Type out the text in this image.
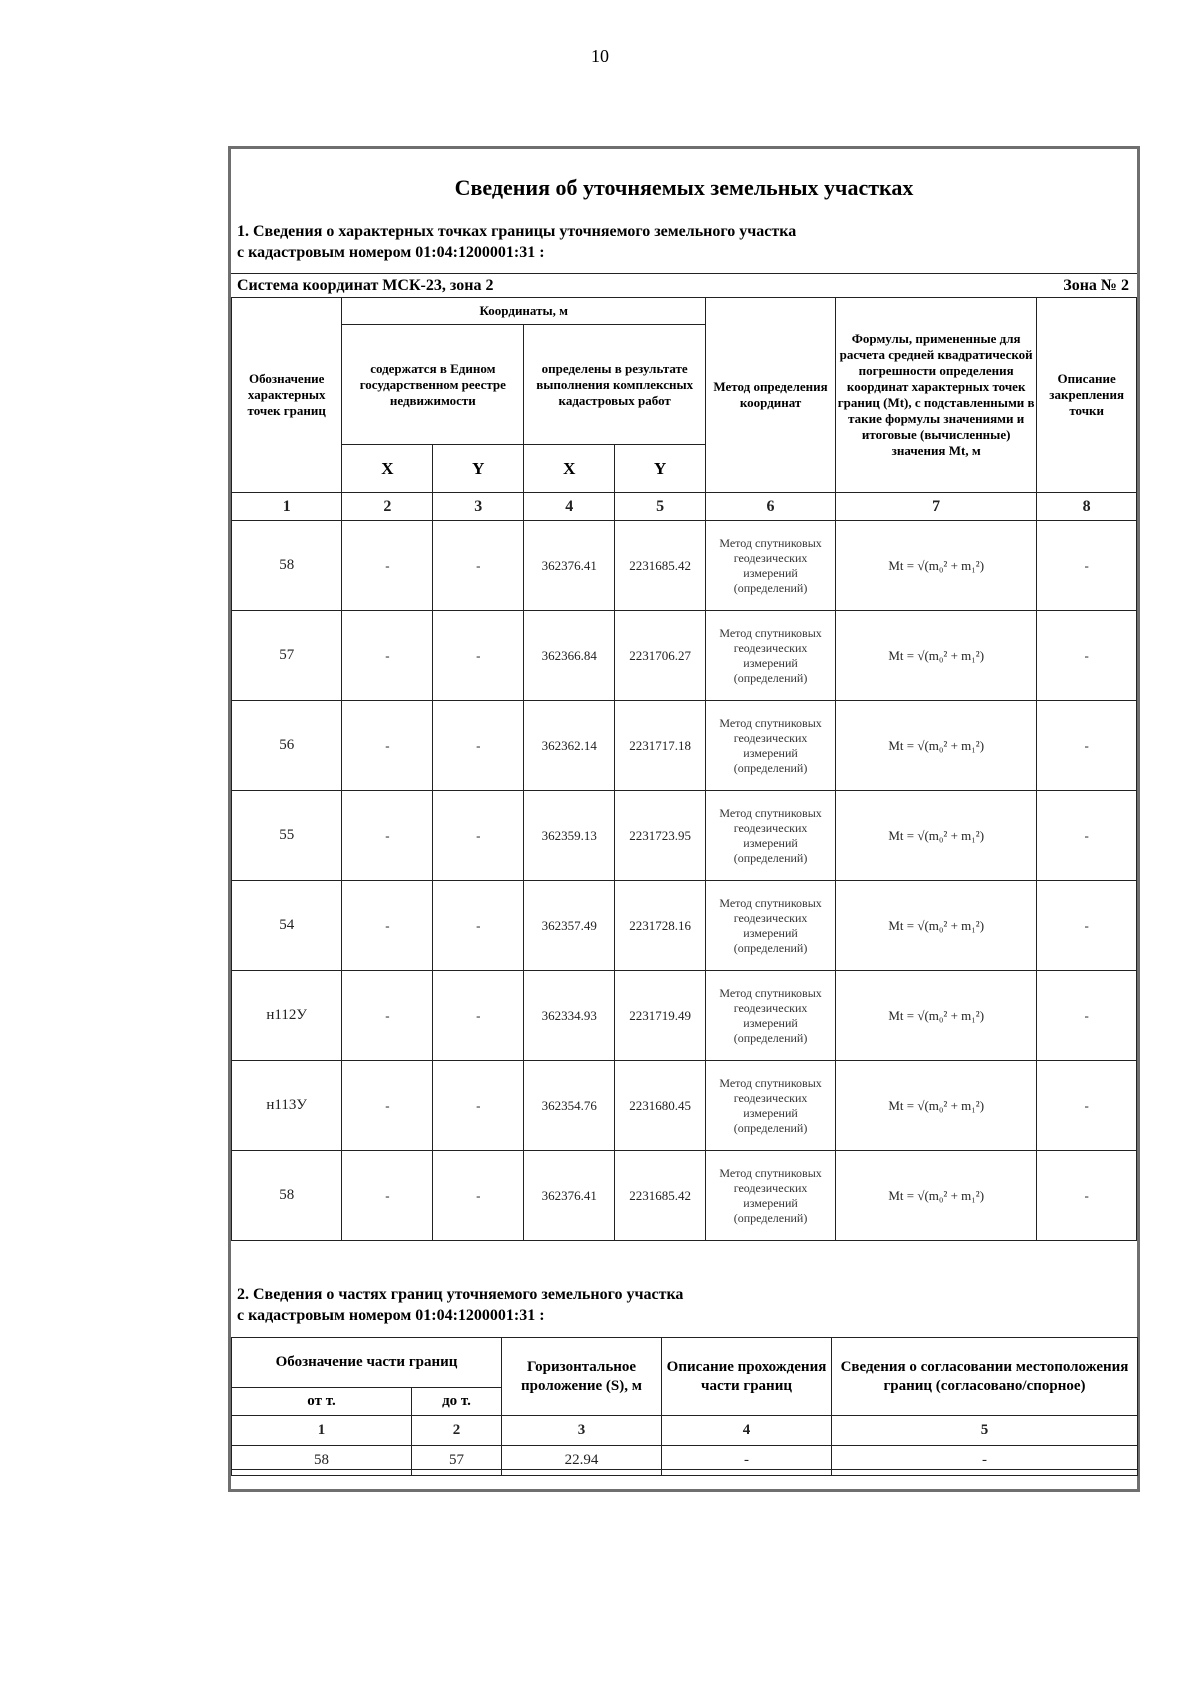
10
Сведения об уточняемых земельных участках
1. Сведения о характерных точках границы уточняемого земельного участка
с кадастровым номером 01:04:1200001:31 :
Система координат МСК-23, зона 2	Зона № 2
Обозначение характерных точек границ	Координаты, м				Метод определения координат	Формулы, примененные для расчета средней квадратической погрешности определения координат характерных точек границ (Mt), с подставленными в такие формулы значениями и итоговые (вычисленные) значения Mt, м	Описание закрепления точки
	содержатся в Едином государственном реестре недвижимости		определены в результате выполнения комплексных кадастровых работ				
	X	Y	X	Y			
1	2	3	4	5	6	7	8
58	-	-	362376.41	2231685.42	Метод спутниковых геодезических измерений (определений)	Mt = √(m₀² + m₁²)	-
57	-	-	362366.84	2231706.27	Метод спутниковых геодезических измерений (определений)	Mt = √(m₀² + m₁²)	-
56	-	-	362362.14	2231717.18	Метод спутниковых геодезических измерений (определений)	Mt = √(m₀² + m₁²)	-
55	-	-	362359.13	2231723.95	Метод спутниковых геодезических измерений (определений)	Mt = √(m₀² + m₁²)	-
54	-	-	362357.49	2231728.16	Метод спутниковых геодезических измерений (определений)	Mt = √(m₀² + m₁²)	-
н112У	-	-	362334.93	2231719.49	Метод спутниковых геодезических измерений (определений)	Mt = √(m₀² + m₁²)	-
н113У	-	-	362354.76	2231680.45	Метод спутниковых геодезических измерений (определений)	Mt = √(m₀² + m₁²)	-
58	-	-	362376.41	2231685.42	Метод спутниковых геодезических измерений (определений)	Mt = √(m₀² + m₁²)	-
2. Сведения о частях границ уточняемого земельного участка
с кадастровым номером 01:04:1200001:31 :
Обозначение части границ		Горизонтальное проложение (S), м	Описание прохождения части границ	Сведения о согласовании местоположения границ (согласовано/спорное)
от т.	до т.			
1	2	3	4	5
58	57	22.94	-	-
